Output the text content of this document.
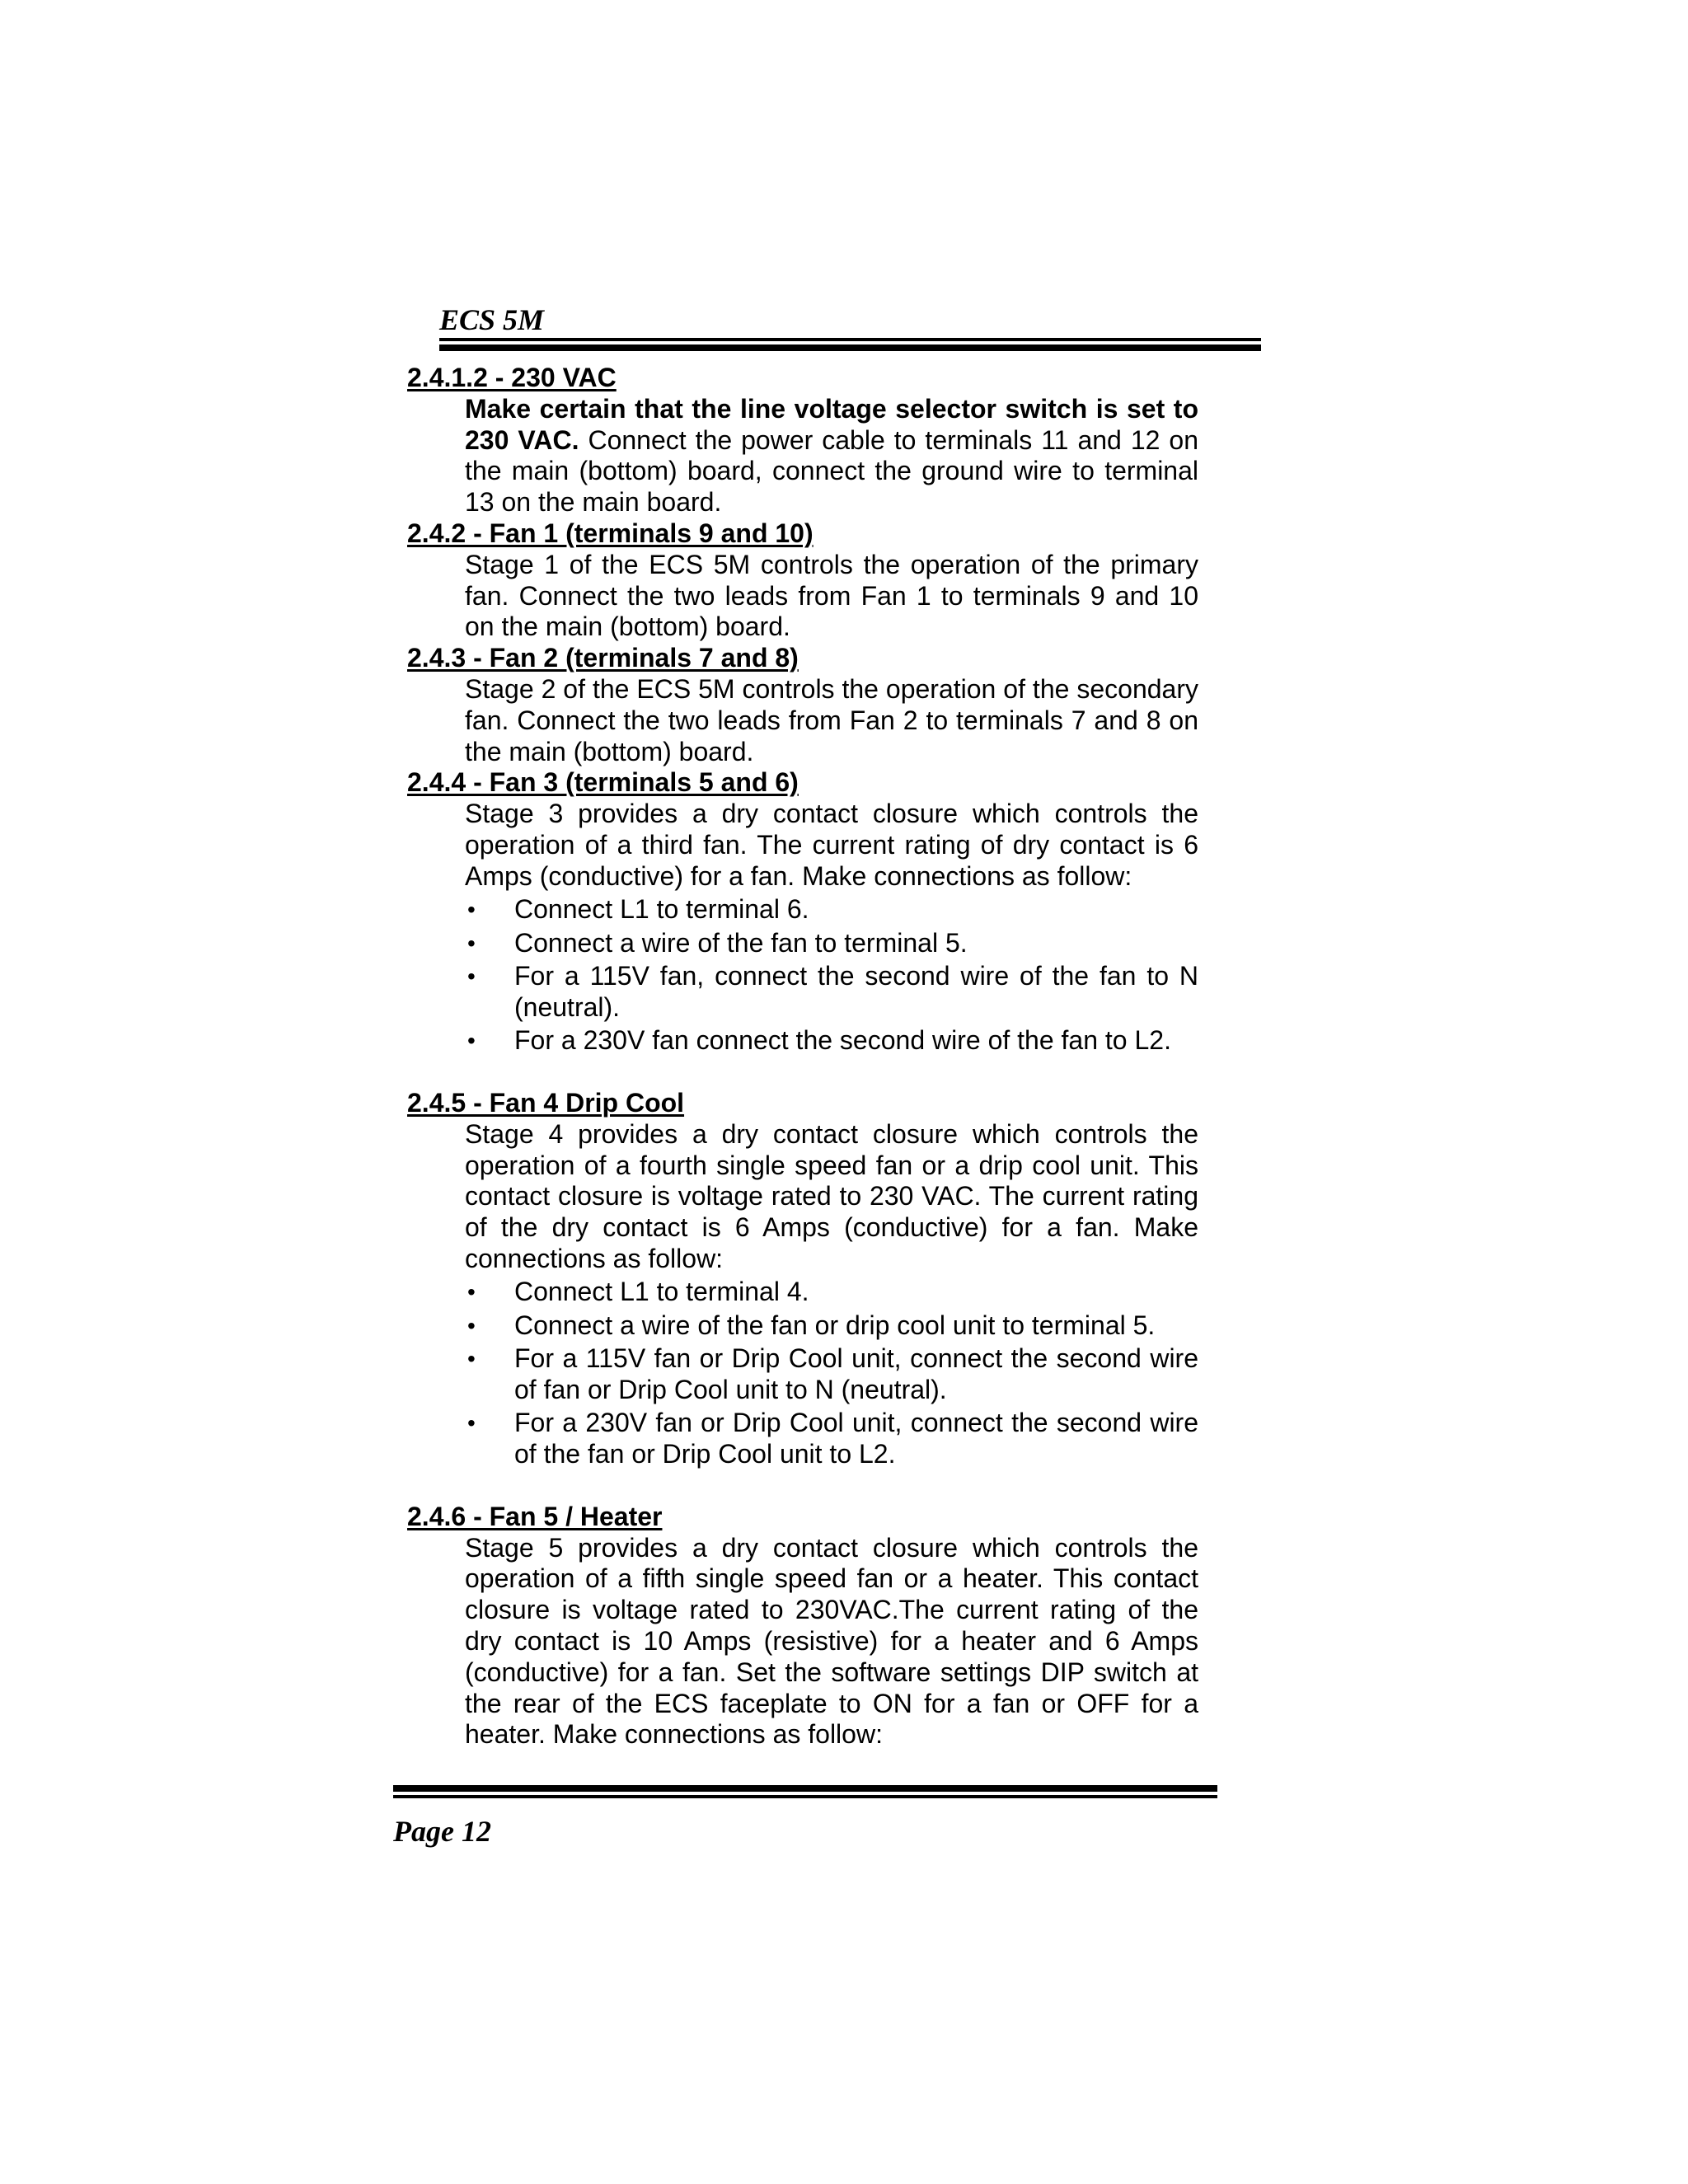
ECS 5M
2.4.1.2 - 230 VAC
Make certain that the line voltage selector switch is set to 230 VAC. Connect the power cable to terminals 11 and 12 on the main (bottom) board, connect the ground wire to terminal 13 on the main board.
2.4.2 - Fan 1 (terminals 9 and 10)
Stage 1 of the ECS 5M controls the operation of the primary fan. Connect the two leads from Fan 1 to terminals 9 and 10 on the main (bottom) board.
2.4.3 - Fan 2 (terminals 7 and 8)
Stage 2 of the ECS 5M controls the operation of the secondary fan. Connect the two leads from Fan 2 to terminals 7 and 8 on the main (bottom) board.
2.4.4 - Fan 3 (terminals 5 and 6)
Stage 3 provides a dry contact closure which controls the operation of a third fan. The current rating of dry contact is 6 Amps (conductive) for a fan. Make connections as follow:
• Connect L1 to terminal 6.
• Connect a wire of the fan to terminal 5.
• For a 115V fan, connect the second wire of the fan to N (neutral).
• For a 230V fan connect the second wire of the fan to L2.
2.4.5 - Fan 4 Drip Cool
Stage 4 provides a dry contact closure which controls the operation of a fourth single speed fan or a drip cool unit. This contact closure is voltage rated to 230 VAC. The current rating of the dry contact is 6 Amps (conductive) for a fan. Make connections as follow:
• Connect L1 to terminal 4.
• Connect a wire of the fan or drip cool unit to terminal 5.
• For a 115V fan or Drip Cool unit, connect the second wire of fan or Drip Cool unit to N (neutral).
• For a 230V fan or Drip Cool unit, connect the second wire of the fan or Drip Cool unit to L2.
2.4.6 - Fan 5 / Heater
Stage 5 provides a dry contact closure which controls the operation of a fifth single speed fan or a heater. This contact closure is voltage rated to 230VAC.The current rating of the dry contact is 10 Amps (resistive) for a heater and 6 Amps (conductive) for a fan. Set the software settings DIP switch at the rear of the ECS faceplate to ON for a fan or OFF for a heater. Make connections as follow:
Page 12
